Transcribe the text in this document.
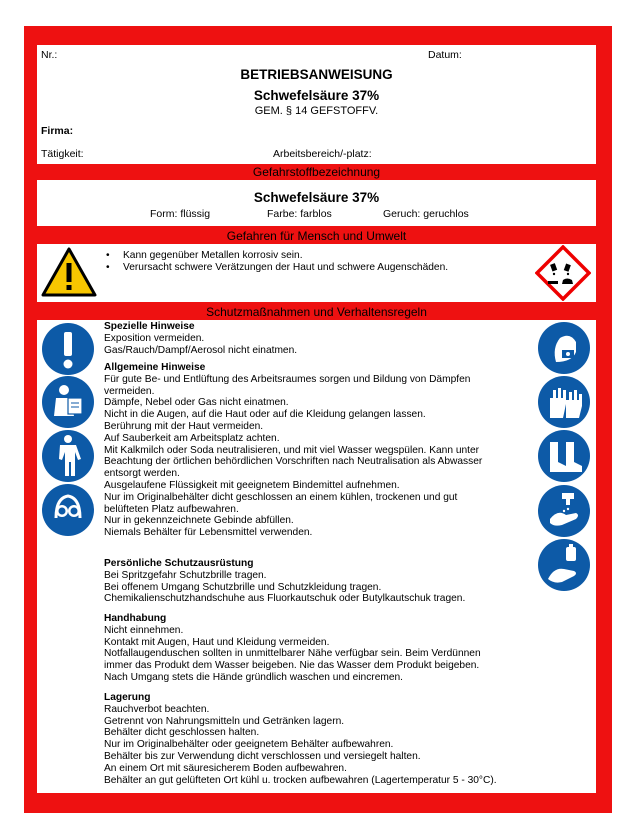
Nr.:	Datum:
BETRIEBSANWEISUNG
Schwefelsäure 37%
GEM. § 14 GEFSTOFFV.
Firma:
Tätigkeit:	Arbeitsbereich/-platz:
Gefahrstoffbezeichnung
Schwefelsäure 37%
Form: flüssig	Farbe: farblos	Geruch: geruchlos
Gefahren für Mensch und Umwelt
• Kann gegenüber Metallen korrosiv sein.
• Verursacht schwere Verätzungen der Haut und schwere Augenschäden.
Schutzmaßnahmen und Verhaltensregeln
Spezielle Hinweise
Exposition vermeiden.
Gas/Rauch/Dampf/Aerosol nicht einatmen.
Allgemeine Hinweise
Für gute Be- und Entlüftung des Arbeitsraumes sorgen und Bildung von Dämpfen
vermeiden.
Dämpfe, Nebel oder Gas nicht einatmen.
Nicht in die Augen, auf die Haut oder auf die Kleidung gelangen lassen.
Berührung mit der Haut vermeiden.
Auf Sauberkeit am Arbeitsplatz achten.
Mit Kalkmilch oder Soda neutralisieren, und mit viel Wasser wegspülen. Kann unter
Beachtung der örtlichen behördlichen Vorschriften nach Neutralisation als Abwasser
entsorgt werden.
Ausgelaufene Flüssigkeit mit geeignetem Bindemittel aufnehmen.
Nur im Originalbehälter dicht geschlossen an einem kühlen, trockenen und gut
belüfteten Platz aufbewahren.
Nur in gekennzeichnete Gebinde abfüllen.
Niemals Behälter für Lebensmittel verwenden.
Persönliche Schutzausrüstung
Bei Spritzgefahr Schutzbrille tragen.
Bei offenem Umgang Schutzbrille und Schutzkleidung tragen.
Chemikalienschutzhandschuhe aus Fluorkautschuk oder Butylkautschuk tragen.
Handhabung
Nicht einnehmen.
Kontakt mit Augen, Haut und Kleidung vermeiden.
Notfallaugenduschen sollten in unmittelbarer Nähe verfügbar sein. Beim Verdünnen
immer das Produkt dem Wasser beigeben. Nie das Wasser dem Produkt beigeben.
Nach Umgang stets die Hände gründlich waschen und eincremen.
Lagerung
Rauchverbot beachten.
Getrennt von Nahrungsmitteln und Getränken lagern.
Behälter dicht geschlossen halten.
Nur im Originalbehälter oder geeignetem Behälter aufbewahren.
Behälter bis zur Verwendung dicht verschlossen und versiegelt halten.
An einem Ort mit säuresicherem Boden aufbewahren.
Behälter an gut gelüfteten Ort kühl u. trocken aufbewahren (Lagertemperatur 5 - 30°C).
